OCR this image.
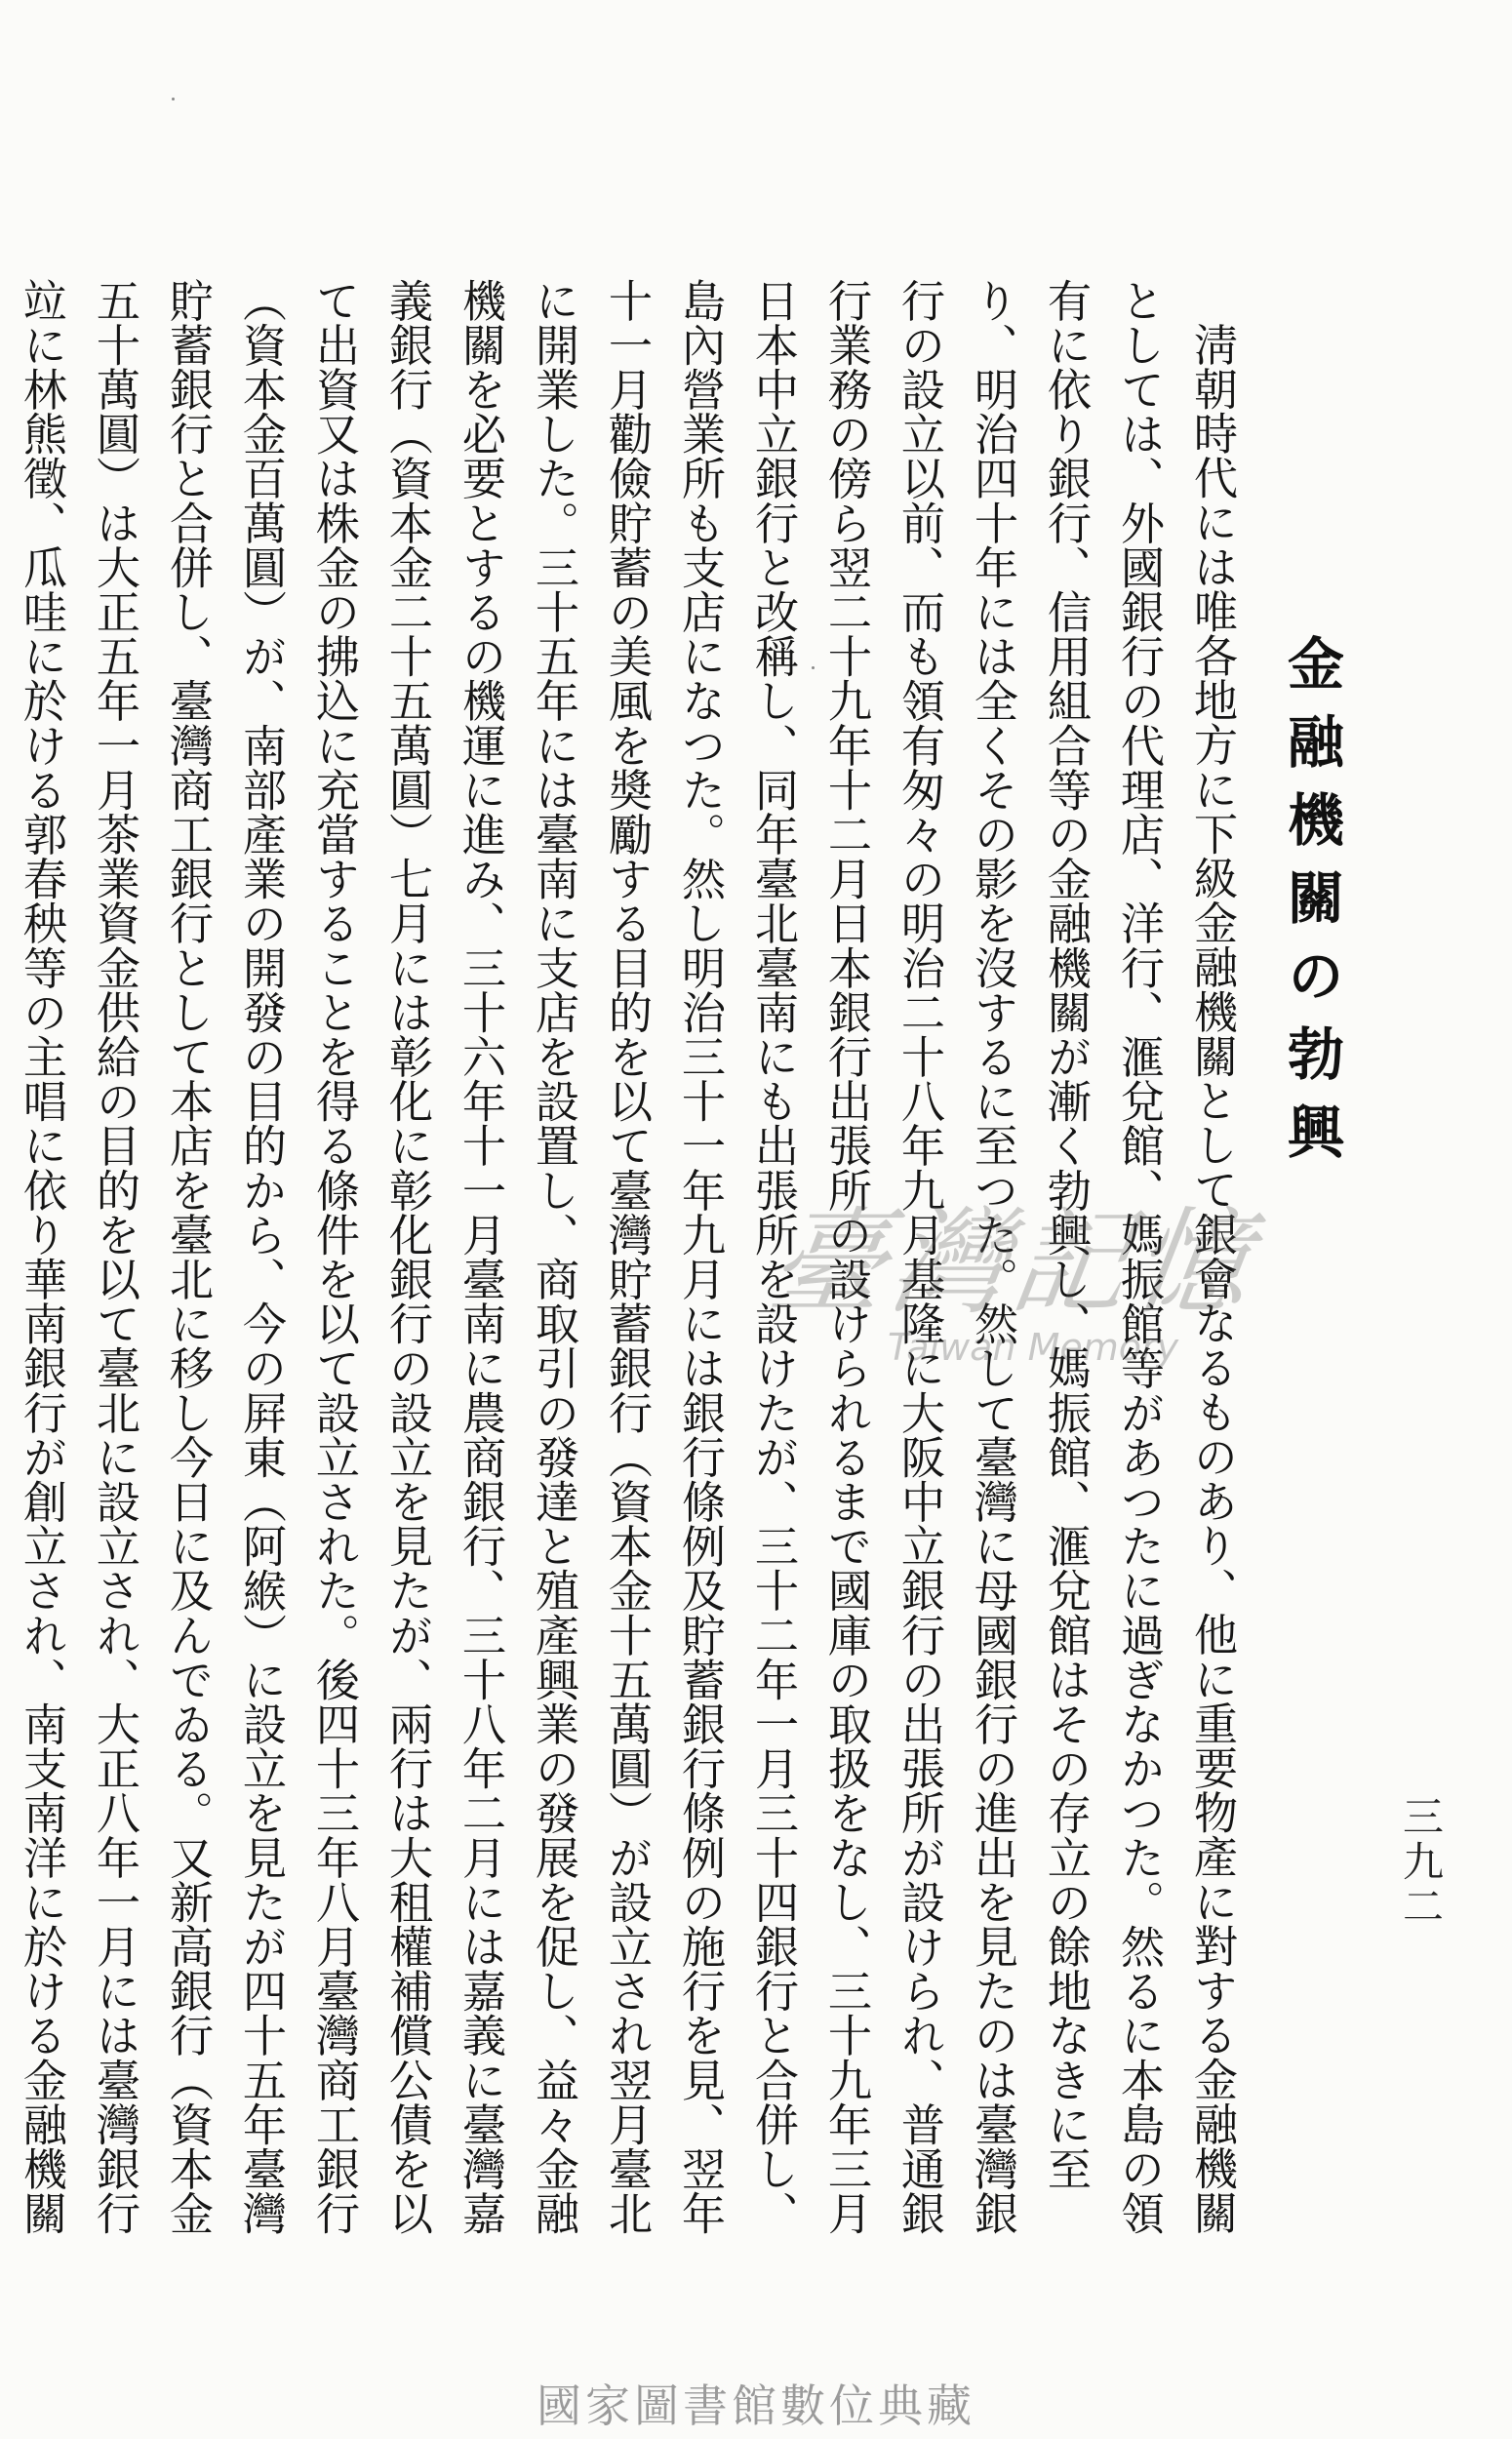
三九二
金融機關の勃興

淸朝時代には唯各地方に下級金融機關として銀會なるものあり、他に重要物產に對する金融機關としては、外國銀行の代理店、洋行、滙兌館、媽振館等があつたに過ぎなかつた。然るに本島の領有に依り銀行、信用組合等の金融機關が漸く勃興し、媽振館、滙兌館はその存立の餘地なきに至り、明治四十年には全くその影を沒するに至つた。然して臺灣に母國銀行の進出を見たのは臺灣銀行の設立以前、而も領有匆々の明治二十八年九月基隆に大阪中立銀行の出張所が設けられ、普通銀行業務の傍ら翌二十九年十二月日本銀行出張所の設けられるまで國庫の取扱をなし、三十九年三月日本中立銀行と改稱し、同年臺北臺南にも出張所を設けたが、三十二年一月三十四銀行と合併し、島內營業所も支店になつた。然し明治三十一年九月には銀行條例及貯蓄銀行條例の施行を見、翌年十一月勸儉貯蓄の美風を奬勵する目的を以て臺灣貯蓄銀行（資本金十五萬圓）が設立され翌月臺北に開業した。三十五年には臺南に支店を設置し、商取引の發達と殖產興業の發展を促し、益々金融機關を必要とするの機運に進み、三十六年十一月臺南に農商銀行、三十八年二月には嘉義に臺灣嘉義銀行（資本金二十五萬圓）七月には彰化に彰化銀行の設立を見たが、兩行は大租權補償公債を以て出資又は株金の拂込に充當することを得る條件を以て設立された。後四十三年八月臺灣商工銀行（資本金百萬圓）が、南部產業の開發の目的から、今の屛東（阿緱）に設立を見たが四十五年臺灣貯蓄銀行と合併し、臺灣商工銀行として本店を臺北に移し今日に及んでゐる。又新高銀行（資本金五十萬圓）は大正五年一月茶業資金供給の目的を以て臺北に設立され、大正八年一月には臺灣銀行竝に林熊徵、瓜哇に於ける郭春秧等の主唱に依り華南銀行が創立され、南支南洋に於ける金融機關

臺灣記憶
Taiwan Memory
國家圖書館數位典藏
